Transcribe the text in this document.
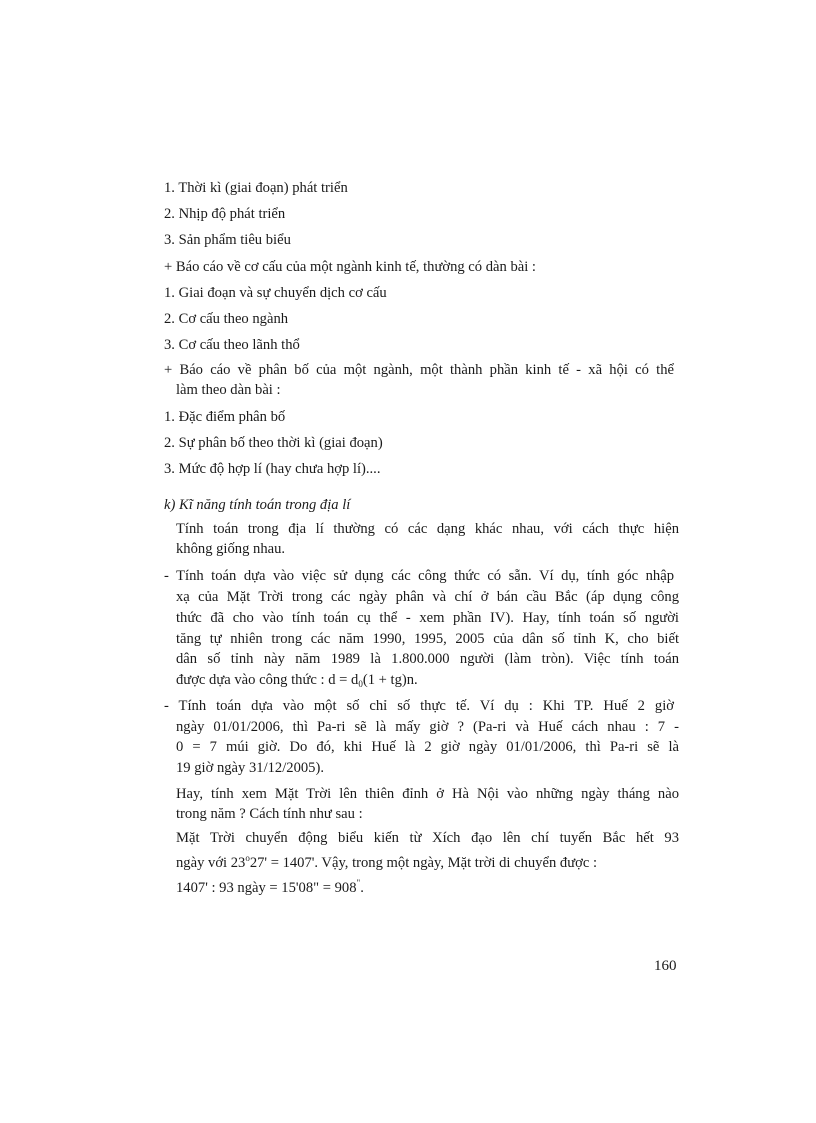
1. Thời kì (giai đoạn) phát triển
2. Nhịp độ phát triển
3. Sản phẩm tiêu biểu
+ Báo cáo về cơ cấu của một ngành kinh tế, thường có dàn bài :
1. Giai đoạn và sự chuyển dịch cơ cấu
2. Cơ cấu theo ngành
3. Cơ cấu theo lãnh thổ
+ Báo cáo về phân bố của một ngành, một thành phần kinh tế - xã hội có thể
làm theo dàn bài :
1. Đặc điểm phân bố
2. Sự phân bố theo thời kì (giai đoạn)
3. Mức độ hợp lí (hay chưa hợp lí)....
k) Kĩ năng tính toán trong địa lí
Tính toán trong địa lí thường có các dạng khác nhau, với cách thực hiện
không giống nhau.
- Tính toán dựa vào việc sử dụng các công thức có sẵn. Ví dụ, tính góc nhập
xạ của Mặt Trời trong các ngày phân và chí ở bán cầu Bắc (áp dụng công
thức đã cho vào tính toán cụ thể - xem phần IV). Hay, tính toán số người
tăng tự nhiên trong các năm 1990, 1995, 2005 của dân số tỉnh K, cho biết
dân số tỉnh này năm 1989 là 1.800.000 người (làm tròn). Việc tính toán
được dựa vào công thức : $d = d_0(1 + tg)n$.
- Tính toán dựa vào một số chỉ số thực tế. Ví dụ : Khi TP. Huế 2 giờ
ngày 01/01/2006, thì Pa-ri sẽ là mấy giờ ? (Pa-ri và Huế cách nhau : 7 -
0 = 7 múi giờ. Do đó, khi Huế là 2 giờ ngày 01/01/2006, thì Pa-ri sẽ là
19 giờ ngày 31/12/2005).
Hay, tính xem Mặt Trời lên thiên đỉnh ở Hà Nội vào những ngày tháng nào
trong năm ? Cách tính như sau :
Mặt Trời chuyển động biểu kiến từ Xích đạo lên chí tuyến Bắc hết 93
ngày với $23^o27' = 1407'$. Vậy, trong một ngày, Mặt trời di chuyển được :
1407' : 93 ngày = 15'08" = 908".
160
